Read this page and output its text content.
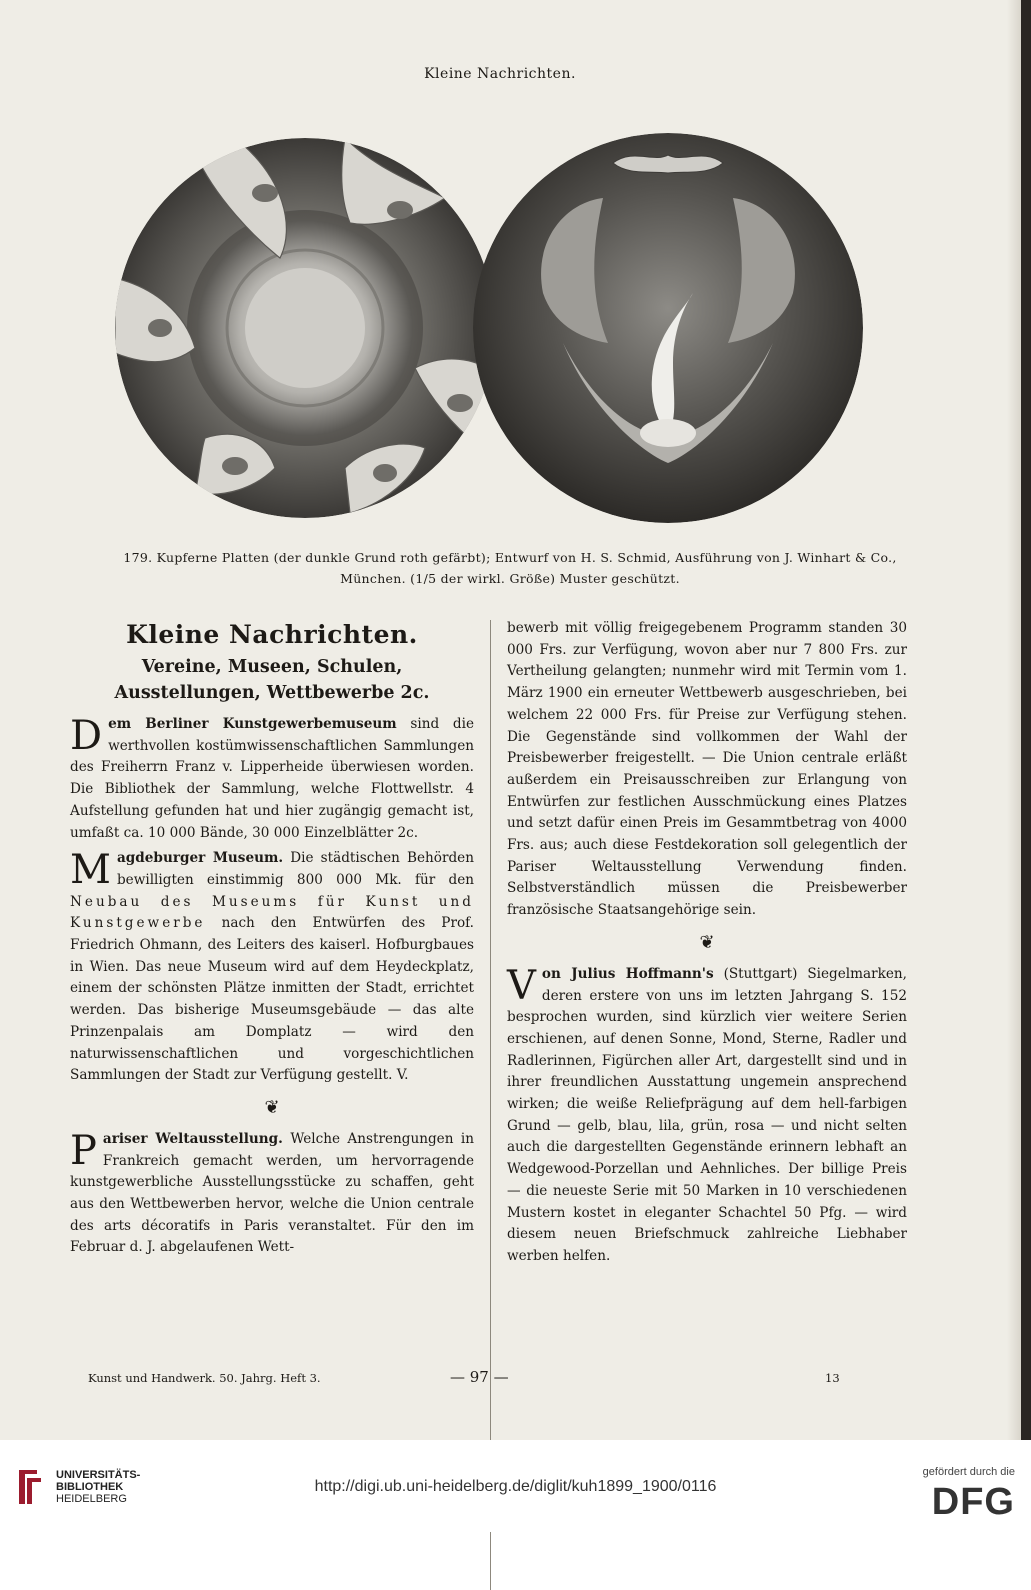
Kleine Nachrichten.
179. Kupferne Platten (der dunkle Grund roth gefärbt); Entwurf von H. S. Schmid, Ausführung von J. Winhart & Co.,
München. (1/5 der wirkl. Größe) Muster geschützt.
Kleine Nachrichten.
Vereine, Museen, Schulen, Ausstellungen, Wettbewerbe 2c.

D em Berliner Kunstgewerbemuseum sind die werthvollen kostümwissenschaftlichen Sammlungen des Freiherrn Franz v. Lipperheide überwiesen worden. Die Bibliothek der Sammlung, welche Flottwellstr. 4 Aufstellung gefunden hat und hier zugängig gemacht ist, umfaßt ca. 10 000 Bände, 30 000 Einzelblätter 2c.

M agdeburger Museum. Die städtischen Behörden bewilligten einstimmig 800 000 Mk. für den Neubau des Museums für Kunst und Kunstgewerbe nach den Entwürfen des Prof. Friedrich Ohmann, des Leiters des kaiserl. Hofburgbaues in Wien. Das neue Museum wird auf dem Heydeckplatz, einem der schönsten Plätze inmitten der Stadt, errichtet werden. Das bisherige Museumsgebäude — das alte Prinzenpalais am Domplatz — wird den naturwissenschaftlichen und vorgeschichtlichen Sammlungen der Stadt zur Verfügung gestellt. V.

❦

P ariser Weltausstellung. Welche Anstrengungen in Frankreich gemacht werden, um hervorragende kunstgewerbliche Ausstellungsstücke zu schaffen, geht aus den Wettbewerben hervor, welche die Union centrale des arts décoratifs in Paris veranstaltet. Für den im Februar d. J. abgelaufenen Wett-

bewerb mit völlig freigegebenem Programm standen 30 000 Frs. zur Verfügung, wovon aber nur 7 800 Frs. zur Vertheilung gelangten; nunmehr wird mit Termin vom 1. März 1900 ein erneuter Wettbewerb ausgeschrieben, bei welchem 22 000 Frs. für Preise zur Verfügung stehen. Die Gegenstände sind vollkommen der Wahl der Preisbewerber freigestellt. — Die Union centrale erläßt außerdem ein Preisausschreiben zur Erlangung von Entwürfen zur festlichen Ausschmückung eines Platzes und setzt dafür einen Preis im Gesammtbetrag von 4000 Frs. aus; auch diese Festdekoration soll gelegentlich der Pariser Weltausstellung Verwendung finden. Selbstverständlich müssen die Preisbewerber französische Staatsangehörige sein.

❦

V on Julius Hoffmann's (Stuttgart) Siegelmarken, deren erstere von uns im letzten Jahrgang S. 152 besprochen wurden, sind kürzlich vier weitere Serien erschienen, auf denen Sonne, Mond, Sterne, Radler und Radlerinnen, Figürchen aller Art, dargestellt sind und in ihrer freundlichen Ausstattung ungemein ansprechend wirken; die weiße Reliefprägung auf dem hell-farbigen Grund — gelb, blau, lila, grün, rosa — und nicht selten auch die dargestellten Gegenstände erinnern lebhaft an Wedgewood-Porzellan und Aehnliches. Der billige Preis — die neueste Serie mit 50 Marken in 10 verschiedenen Mustern kostet in eleganter Schachtel 50 Pfg. — wird diesem neuen Briefschmuck zahlreiche Liebhaber werben helfen.

Kunst und Handwerk. 50. Jahrg. Heft 3.	— 97 —	13
UNIVERSITÄTS-
BIBLIOTHEK
HEIDELBERG
http://digi.ub.uni-heidelberg.de/diglit/kuh1899_1900/0116
gefördert durch die
DFG
